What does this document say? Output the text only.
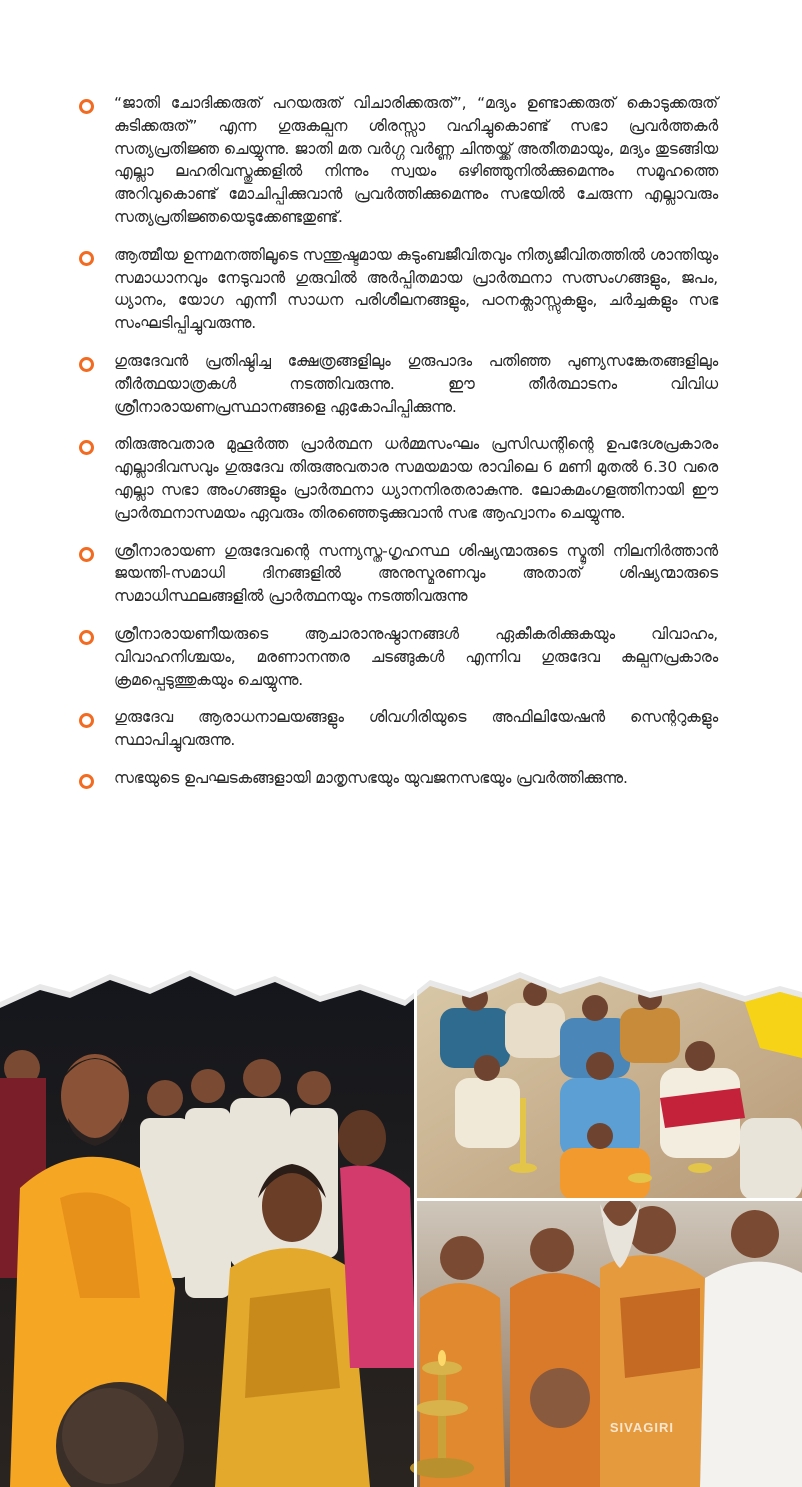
“ജാതി ചോദിക്കരുത് പറയരുത് വിചാരിക്കരുത്”, “മദ്യം ഉണ്ടാക്കരുത് കൊടുക്കരുത് കുടിക്കരുത്” എന്ന ഗുരുകല്പന ശിരസ്സാ വഹിച്ചുകൊണ്ട് സഭാ പ്രവർത്തകർ സത്യപ്രതിജ്ഞ ചെയ്യുന്നു. ജാതി മത വർഗ്ഗ വർണ്ണ ചിന്തയ്ക്ക് അതീതമായും, മദ്യം തുടങ്ങിയ എല്ലാ ലഹരിവസ്തുക്കളിൽ നിന്നും സ്വയം ഒഴിഞ്ഞുനിൽക്കുമെന്നും സമൂഹത്തെ അറിവുകൊണ്ട് മോചിപ്പിക്കുവാൻ പ്രവർത്തിക്കുമെന്നും സഭയിൽ ചേരുന്ന എല്ലാവരും സത്യപ്രതിജ്ഞയെടുക്കേണ്ടതുണ്ട്.
ആത്മീയ ഉന്നമനത്തിലൂടെ സന്തുഷ്ടമായ കുടുംബജീവിതവും നിത്യജീവിതത്തിൽ ശാന്തിയും സമാധാനവും നേടുവാൻ ഗുരുവിൽ അർപ്പിതമായ പ്രാർത്ഥനാ സത്സംഗങ്ങളും, ജപം, ധ്യാനം, യോഗ എന്നീ സാധന പരിശീലനങ്ങളും, പഠനക്ലാസ്സുകളും, ചർച്ചകളും സഭ സംഘടിപ്പിച്ചുവരുന്നു.
ഗുരുദേവൻ പ്രതിഷ്ഠിച്ച ക്ഷേത്രങ്ങളിലും ഗുരുപാദം പതിഞ്ഞ പുണ്യസങ്കേതങ്ങളിലും തീർത്ഥയാത്രകൾ നടത്തിവരുന്നു. ഈ തീർത്ഥാടനം വിവിധ ശ്രീനാരായണപ്രസ്ഥാനങ്ങളെ ഏകോപിപ്പിക്കുന്നു.
തിരുഅവതാര മുഹൂർത്ത പ്രാർത്ഥന ധർമ്മസംഘം പ്രസിഡന്റിന്റെ ഉപദേശപ്രകാരം എല്ലാദിവസവും ഗുരുദേവ തിരുഅവതാര സമയമായ രാവിലെ 6 മണി മുതൽ 6.30 വരെ എല്ലാ സഭാ അംഗങ്ങളും പ്രാർത്ഥനാ ധ്യാനനിരതരാകുന്നു. ലോകമംഗളത്തിനായി ഈ പ്രാർത്ഥനാസമയം ഏവരും തിരഞ്ഞെടുക്കുവാൻ സഭ ആഹ്വാനം ചെയ്യുന്നു.
ശ്രീനാരായണ ഗുരുദേവന്റെ സന്ന്യസ്ത-ഗൃഹസ്ഥ ശിഷ്യന്മാരുടെ സ്മൃതി നിലനിർത്താൻ ജയന്തി-സമാധി ദിനങ്ങളിൽ അനുസ്മരണവും അതാത് ശിഷ്യന്മാരുടെ സമാധിസ്ഥലങ്ങളിൽ പ്രാർത്ഥനയും നടത്തിവരുന്നു
ശ്രീനാരായണീയരുടെ ആചാരാനുഷ്ഠാനങ്ങൾ ഏകീകരിക്കുകയും വിവാഹം, വിവാഹനിശ്ചയം, മരണാനന്തര ചടങ്ങുകൾ എന്നിവ ഗുരുദേവ കല്പനപ്രകാരം ക്രമപ്പെടുത്തുകയും ചെയ്യുന്നു.
ഗുരുദേവ ആരാധനാലയങ്ങളും ശിവഗിരിയുടെ അഫിലിയേഷൻ സെന്ററുകളും സ്ഥാപിച്ചുവരുന്നു.
സഭയുടെ ഉപഘടകങ്ങളായി മാതൃസഭയും യുവജനസഭയും പ്രവർത്തിക്കുന്നു.
SIVAGIRI
